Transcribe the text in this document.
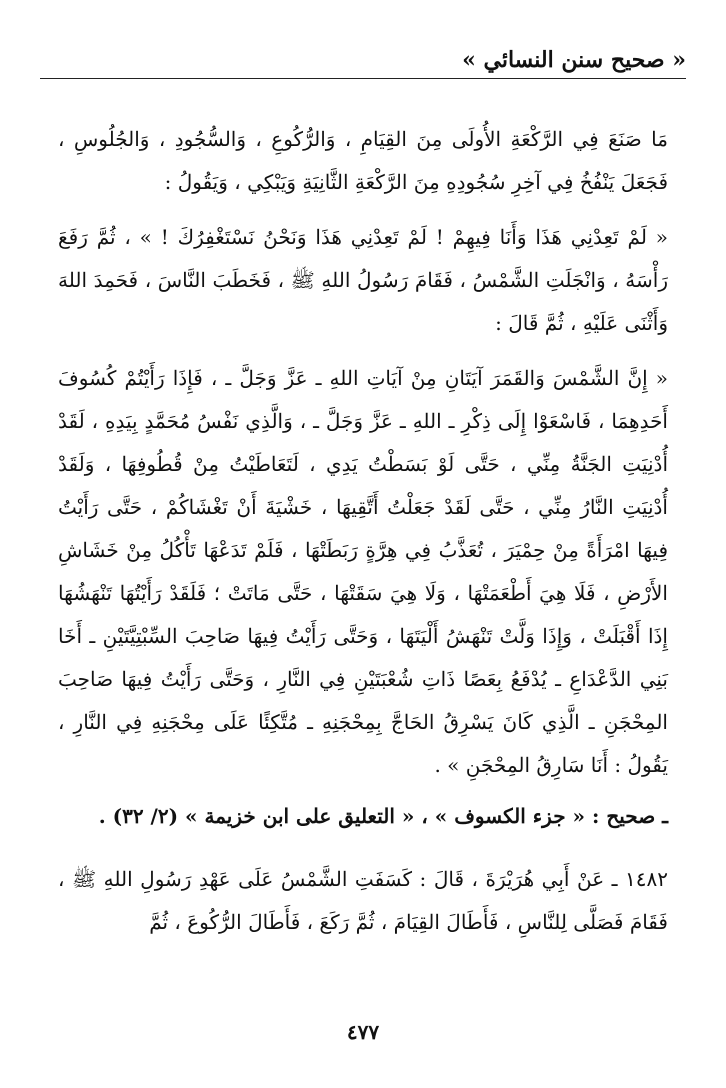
« صحيح سنن النسائي »

مَا صَنَعَ فِي الرَّكْعَةِ الأُولَى مِنَ القِيَامِ ، وَالرُّكُوعِ ، وَالسُّجُودِ ، وَالجُلُوسِ ، فَجَعَلَ يَنْفُخُ فِي آخِرِ سُجُودِهِ مِنَ الرَّكْعَةِ الثَّانِيَةِ وَيَبْكِي ، وَيَقُولُ :

« لَمْ تَعِدْنِي هَذَا وَأَنَا فِيهِمْ ! لَمْ تَعِدْنِي هَذَا وَنَحْنُ نَسْتَغْفِرُكَ ! » ، ثُمَّ رَفَعَ رَأْسَهُ ، وَانْجَلَتِ الشَّمْسُ ، فَقَامَ رَسُولُ اللهِ ﷺ ، فَخَطَبَ النَّاسَ ، فَحَمِدَ اللهَ وَأَثْنَى عَلَيْهِ ، ثُمَّ قَالَ :

« إِنَّ الشَّمْسَ وَالقَمَرَ آيَتَانِ مِنْ آيَاتِ اللهِ ـ عَزَّ وَجَلَّ ـ ، فَإِذَا رَأَيْتُمْ كُسُوفَ أَحَدِهِمَا ، فَاسْعَوْا إِلَى ذِكْرِ ـ اللهِ ـ عَزَّ وَجَلَّ ـ ، وَالَّذِي نَفْسُ مُحَمَّدٍ بِيَدِهِ ، لَقَدْ أُدْنِيَتِ الجَنَّةُ مِنِّي ، حَتَّى لَوْ بَسَطْتُ يَدِي ، لَتَعَاطَيْتُ مِنْ قُطُوفِهَا ، وَلَقَدْ أُدْنِيَتِ النَّارُ مِنِّي ، حَتَّى لَقَدْ جَعَلْتُ أَتَّقِيهَا ، خَشْيَةَ أَنْ تَغْشَاكُمْ ، حَتَّى رَأَيْتُ فِيهَا امْرَأَةً مِنْ حِمْيَرَ ، تُعَذَّبُ فِي هِرَّةٍ رَبَطَتْهَا ، فَلَمْ تَدَعْهَا تَأْكُلُ مِنْ خَشَاشِ الأَرْضِ ، فَلَا هِيَ أَطْعَمَتْهَا ، وَلَا هِيَ سَقَتْهَا ، حَتَّى مَاتَتْ ؛ فَلَقَدْ رَأَيْتُهَا تَنْهَشُهَا إِذَا أَقْبَلَتْ ، وَإِذَا وَلَّتْ تَنْهَشُ أَلْيَتَهَا ، وَحَتَّى رَأَيْتُ فِيهَا صَاحِبَ السِّبْتِيَّتَيْنِ ـ أَخَا بَنِي الدَّعْدَاعِ ـ يُدْفَعُ بِعَصًا ذَاتِ شُعْبَتَيْنِ فِي النَّارِ ، وَحَتَّى رَأَيْتُ فِيهَا صَاحِبَ المِحْجَنِ ـ الَّذِي كَانَ يَسْرِقُ الحَاجَّ بِمِحْجَنِهِ ـ مُتَّكِئًا عَلَى مِحْجَنِهِ فِي النَّارِ ، يَقُولُ : أَنَا سَارِقُ المِحْجَنِ » .

ـ صحيح : « جزء الكسوف » ، « التعليق على ابن خزيمة » (٢/ ٣٢) .

١٤٨٢ ـ عَنْ أَبِي هُرَيْرَةَ ، قَالَ : كَسَفَتِ الشَّمْسُ عَلَى عَهْدِ رَسُولِ اللهِ ﷺ ، فَقَامَ فَصَلَّى لِلنَّاسِ ، فَأَطَالَ القِيَامَ ، ثُمَّ رَكَعَ ، فَأَطَالَ الرُّكُوعَ ، ثُمَّ

٤٧٧
